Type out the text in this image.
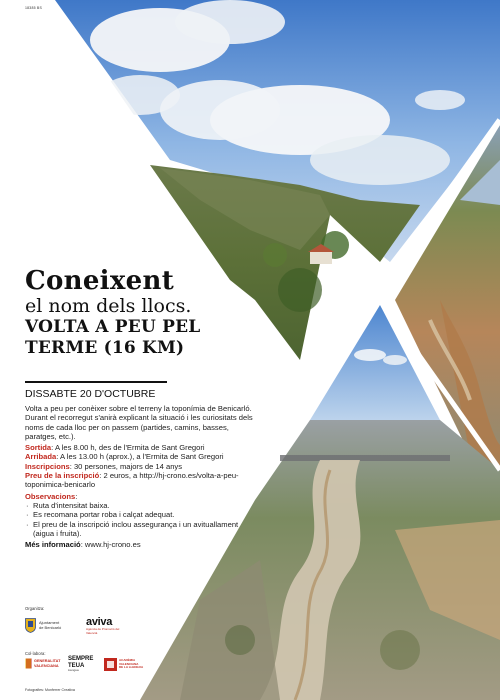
18385 BS
Coneixent
el nom dels llocs.
VOLTA A PEU PEL
TERME (16 KM)
DISSABTE 20 D'OCTUBRE

Volta a peu per conèixer sobre el terreny la toponímia de Benicarló. Durant el recorregut s'anirà explicant la situació i les curiositats dels noms de cada lloc per on passem (partides, camins, basses, paratges, etc.).

Sortida: A les 8.00 h, des de l'Ermita de Sant Gregori

Arribada: A les 13.00 h (aprox.), a l'Ermita de Sant Gregori

Inscripcions: 30 persones, majors de 14 anys

Preu de la inscripció: 2 euros, a http://hj-crono.es/volta-a-peu-toponimica-benicarlo

Observacions:

· Ruta d'intensitat baixa.
· Es recomana portar roba i calçat adequat.
· El preu de la inscripció inclou assegurança i un avituallament (aigua i fruita).

Més informació: www.hj-crono.es

Organitza:
Ajuntament
de Benicarló aviva
Agència de Promoció del Valencià
Col·labora:
GENERALITAT
VALENCIANA
SEMPRE
TEUA
Llengua
ACADÈMIA
VALENCIANA
DE LA LLENGUA
Fotografies: Monferrer Creativa
